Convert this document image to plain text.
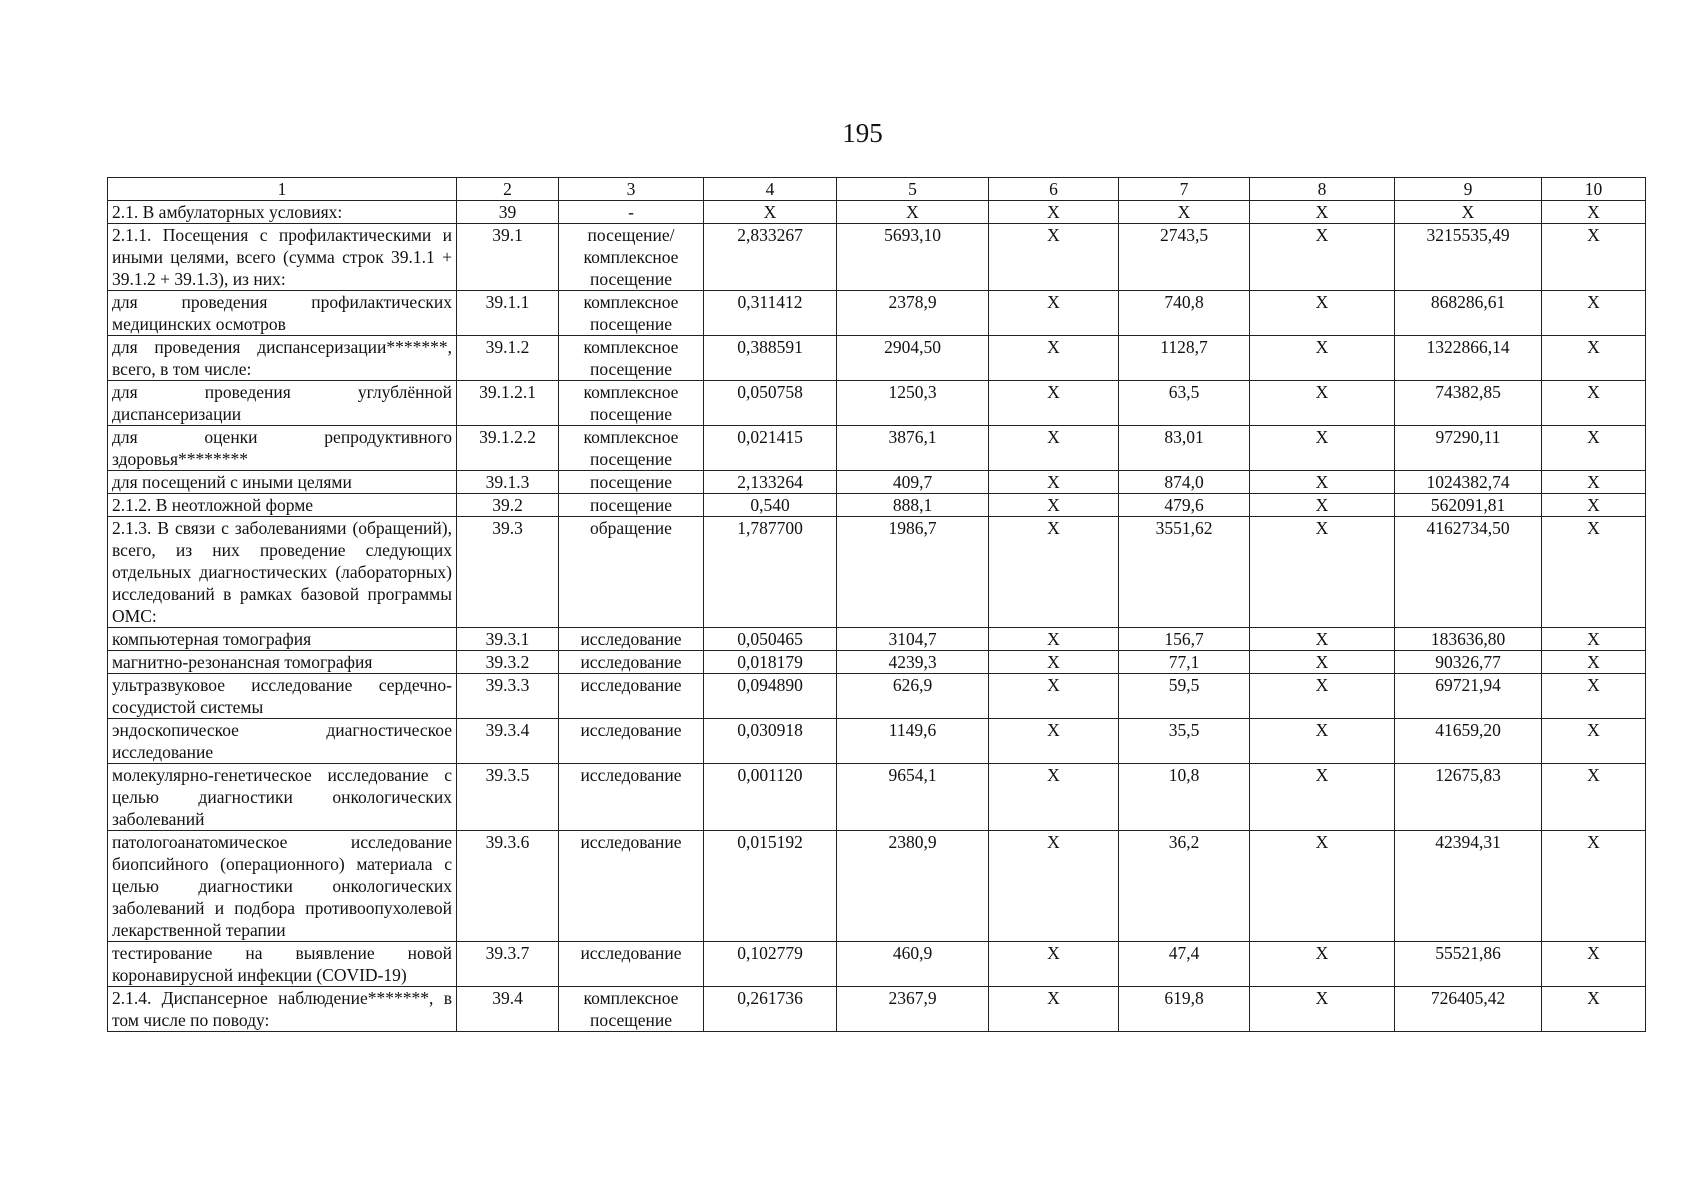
195
1	2	3	4	5	6	7	8	9	10
2.1. В амбулаторных условиях:	39	-	Х	Х	Х	Х	Х	Х	Х
2.1.1. Посещения с профилактическими и иными целями, всего (сумма строк 39.1.1 + 39.1.2 + 39.1.3), из них:	39.1	посещение/ комплексное посещение	2,833267	5693,10	Х	2743,5	Х	3215535,49	Х
для проведения профилактических медицинских осмотров	39.1.1	комплексное посещение	0,311412	2378,9	Х	740,8	Х	868286,61	Х
для проведения диспансеризации*******, всего, в том числе:	39.1.2	комплексное посещение	0,388591	2904,50	Х	1128,7	Х	1322866,14	Х
для проведения углублённой диспансеризации	39.1.2.1	комплексное посещение	0,050758	1250,3	Х	63,5	Х	74382,85	Х
для оценки репродуктивного здоровья********	39.1.2.2	комплексное посещение	0,021415	3876,1	Х	83,01	Х	97290,11	Х
для посещений с иными целями	39.1.3	посещение	2,133264	409,7	Х	874,0	Х	1024382,74	Х
2.1.2. В неотложной форме	39.2	посещение	0,540	888,1	Х	479,6	Х	562091,81	Х
2.1.3. В связи с заболеваниями (обращений), всего, из них проведение следующих отдельных диагностических (лабораторных) исследований в рамках базовой программы ОМС:	39.3	обращение	1,787700	1986,7	Х	3551,62	Х	4162734,50	Х
компьютерная томография	39.3.1	исследование	0,050465	3104,7	Х	156,7	Х	183636,80	Х
магнитно-резонансная томография	39.3.2	исследование	0,018179	4239,3	Х	77,1	Х	90326,77	Х
ультразвуковое исследование сердечно-сосудистой системы	39.3.3	исследование	0,094890	626,9	Х	59,5	Х	69721,94	Х
эндоскопическое диагностическое исследование	39.3.4	исследование	0,030918	1149,6	Х	35,5	Х	41659,20	Х
молекулярно-генетическое исследование с целью диагностики онкологических заболеваний	39.3.5	исследование	0,001120	9654,1	Х	10,8	Х	12675,83	Х
патологоанатомическое исследование биопсийного (операционного) материала с целью диагностики онкологических заболеваний и подбора противоопухолевой лекарственной терапии	39.3.6	исследование	0,015192	2380,9	Х	36,2	Х	42394,31	Х
тестирование на выявление новой коронавирусной инфекции (COVID-19)	39.3.7	исследование	0,102779	460,9	Х	47,4	Х	55521,86	Х
2.1.4. Диспансерное наблюдение*******, в том числе по поводу:	39.4	комплексное посещение	0,261736	2367,9	Х	619,8	Х	726405,42	Х
